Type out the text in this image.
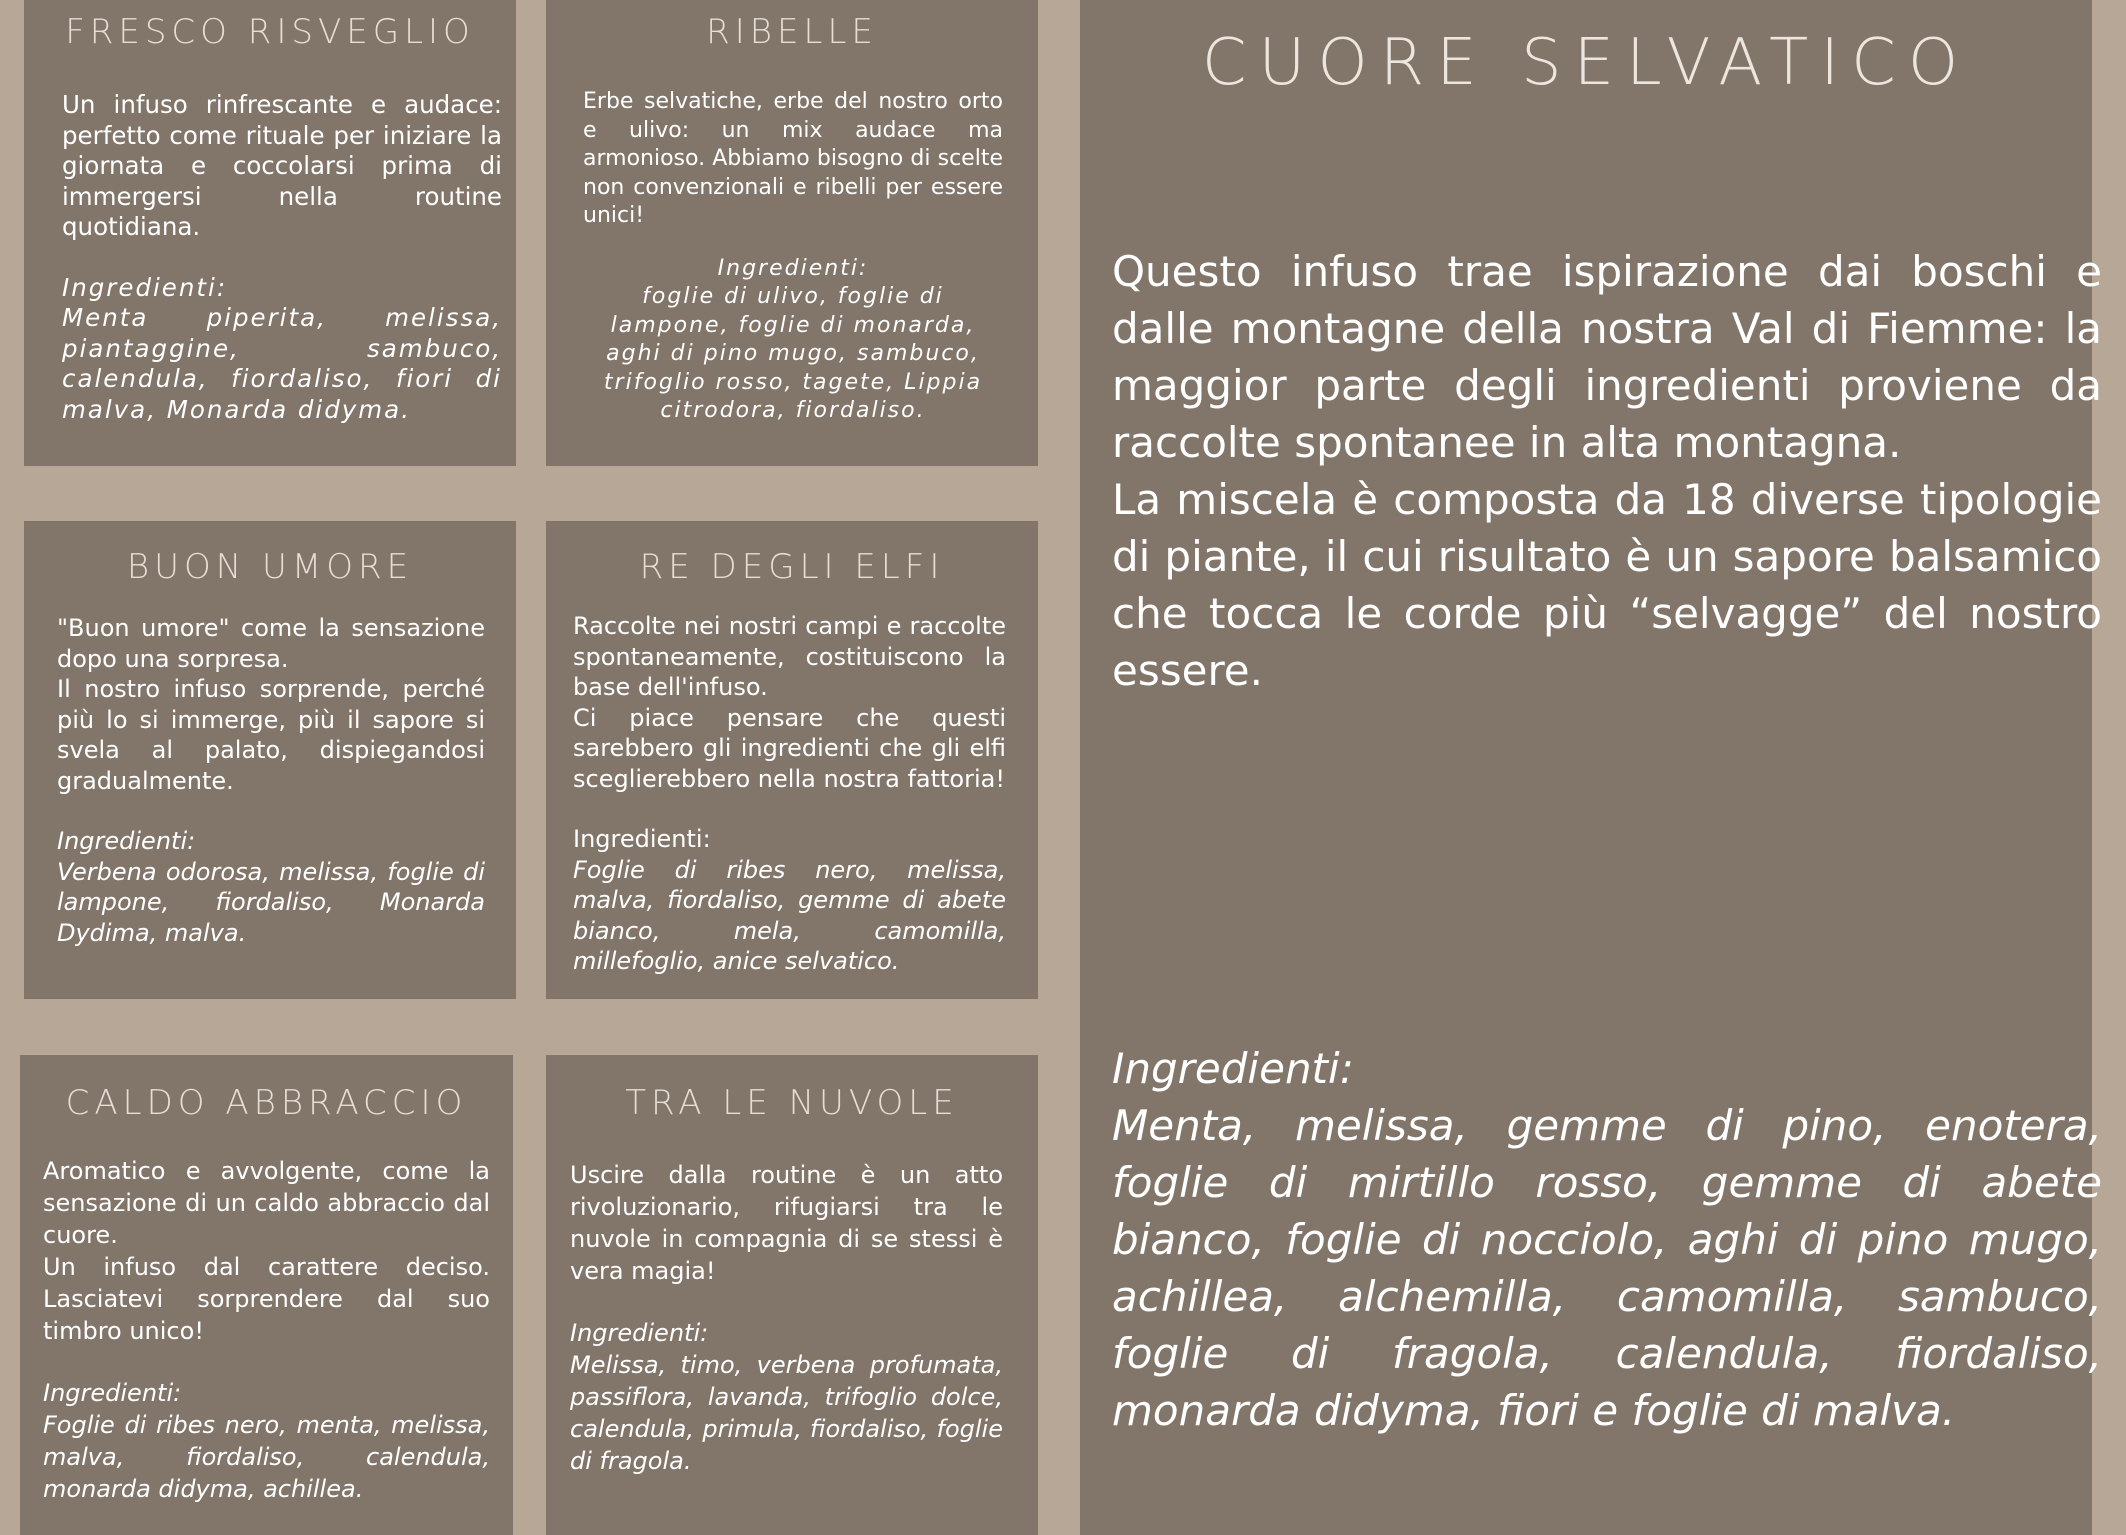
FRESCO RISVEGLIO

Un infuso rinfrescante e audace: perfetto come rituale per iniziare la giornata e coccolarsi prima di immergersi nella routine quotidiana.

Ingredienti:

Menta piperita, melissa, piantaggine, sambuco, calendula, fiordaliso, fiori di malva, Monarda didyma.

RIBELLE

Erbe selvatiche, erbe del nostro orto e ulivo: un mix audace ma armonioso. Abbiamo bisogno di scelte non convenzionali e ribelli per essere unici!

Ingredienti:

foglie di ulivo, foglie di lampone, foglie di monarda, aghi di pino mugo, sambuco, trifoglio rosso, tagete, Lippia citrodora, fiordaliso.

BUON UMORE

"Buon umore" come la sensazione dopo una sorpresa.

Il nostro infuso sorprende, perché più lo si immerge, più il sapore si svela al palato, dispiegandosi gradualmente.

Ingredienti:

Verbena odorosa, melissa, foglie di lampone, fiordaliso, Monarda Dydima, malva.

RE DEGLI ELFI

Raccolte nei nostri campi e raccolte spontaneamente, costituiscono la base dell'infuso.

Ci piace pensare che questi sarebbero gli ingredienti che gli elfi sceglierebbero nella nostra fattoria!

Ingredienti:

Foglie di ribes nero, melissa, malva, fiordaliso, gemme di abete bianco, mela, camomilla, millefoglio, anice selvatico.

CALDO ABBRACCIO

Aromatico e avvolgente, come la sensazione di un caldo abbraccio dal cuore.

Un infuso dal carattere deciso. Lasciatevi sorprendere dal suo timbro unico!

Ingredienti:

Foglie di ribes nero, menta, melissa, malva, fiordaliso, calendula, monarda didyma, achillea.

TRA LE NUVOLE

Uscire dalla routine è un atto rivoluzionario, rifugiarsi tra le nuvole in compagnia di se stessi è vera magia!

Ingredienti:

Melissa, timo, verbena profumata, passiflora, lavanda, trifoglio dolce, calendula, primula, fiordaliso, foglie di fragola.

CUORE SELVATICO

Questo infuso trae ispirazione dai boschi e dalle montagne della nostra Val di Fiemme: la maggior parte degli ingredienti proviene da raccolte spontanee in alta montagna.

La miscela è composta da 18 diverse tipologie di piante, il cui risultato è un sapore balsamico che tocca le corde più “selvagge” del nostro essere.

Ingredienti:

Menta, melissa, gemme di pino, enotera, foglie di mirtillo rosso, gemme di abete bianco, foglie di nocciolo, aghi di pino mugo, achillea, alchemilla, camomilla, sambuco, foglie di fragola, calendula, fiordaliso, monarda didyma, fiori e foglie di malva.
